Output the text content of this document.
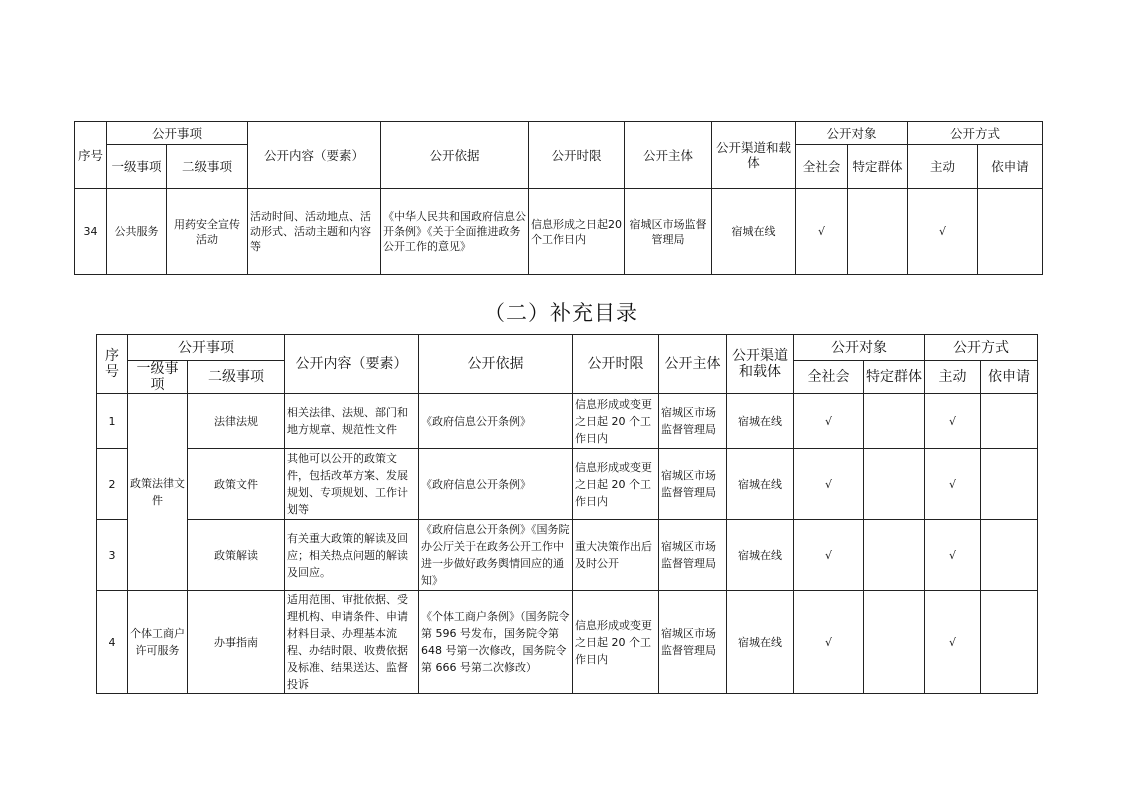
序号	公开事项		公开内容（要素）	公开依据	公开时限	公开主体	公开渠道和载体	公开对象		公开方式	
	一级事项	二级事项						全社会	特定群体	主动	依申请
34	公共服务	用药安全宣传活动	活动时间、活动地点、活动形式、活动主题和内容等	《中华人民共和国政府信息公开条例》《关于全面推进政务公开工作的意见》	信息形成之日起20个工作日内	宿城区市场监督管理局	宿城在线	√		√	
（二）补充目录
序号	公开事项		公开内容（要素）	公开依据	公开时限	公开主体	公开渠道和载体	公开对象		公开方式	
	一级事项	二级事项						全社会	特定群体	主动	依申请
1	政策法律文件	法律法规	相关法律、法规、部门和地方规章、规范性文件	《政府信息公开条例》	信息形成或变更之日起 20 个工作日内	宿城区市场监督管理局	宿城在线	√		√	
2		政策文件	其他可以公开的政策文件，包括改革方案、发展规划、专项规划、工作计划等	《政府信息公开条例》	信息形成或变更之日起 20 个工作日内	宿城区市场监督管理局	宿城在线	√		√	
3		政策解读	有关重大政策的解读及回应；相关热点问题的解读及回应。	《政府信息公开条例》《国务院办公厅关于在政务公开工作中进一步做好政务舆情回应的通知》	重大决策作出后及时公开	宿城区市场监督管理局	宿城在线	√		√	
4	个体工商户许可服务	办事指南	适用范围、审批依据、受理机构、申请条件、申请材料目录、办理基本流程、办结时限、收费依据及标准、结果送达、监督投诉	《个体工商户条例》（国务院令第 596 号发布，国务院令第 648 号第一次修改，国务院令第 666 号第二次修改）	信息形成或变更之日起 20 个工作日内	宿城区市场监督管理局	宿城在线	√		√	
